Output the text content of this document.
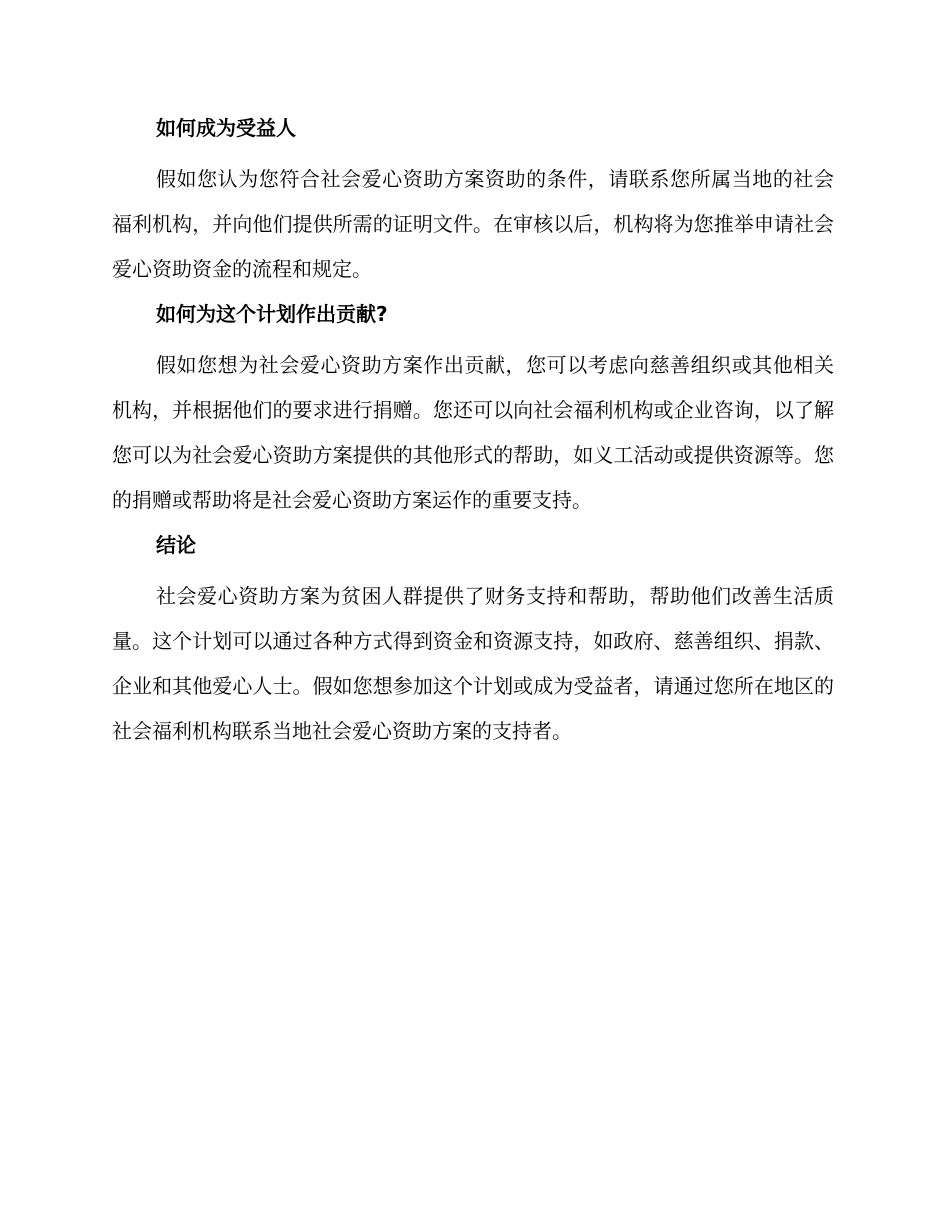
如何成为受益人

假如您认为您符合社会爱心资助方案资助的条件，请联系您所属当地的社会福利机构，并向他们提供所需的证明文件。在审核以后，机构将为您推举申请社会爱心资助资金的流程和规定。

如何为这个计划作出贡献?

假如您想为社会爱心资助方案作出贡献，您可以考虑向慈善组织或其他相关机构，并根据他们的要求进行捐赠。您还可以向社会福利机构或企业咨询，以了解您可以为社会爱心资助方案提供的其他形式的帮助，如义工活动或提供资源等。您的捐赠或帮助将是社会爱心资助方案运作的重要支持。

结论

社会爱心资助方案为贫困人群提供了财务支持和帮助，帮助他们改善生活质量。这个计划可以通过各种方式得到资金和资源支持，如政府、慈善组织、捐款、企业和其他爱心人士。假如您想参加这个计划或成为受益者，请通过您所在地区的社会福利机构联系当地社会爱心资助方案的支持者。
